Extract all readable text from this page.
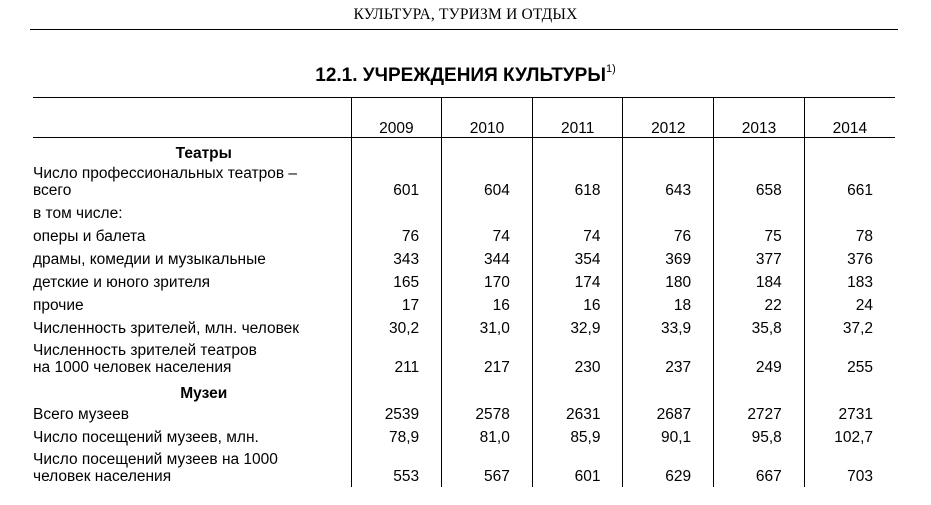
КУЛЬТУРА, ТУРИЗМ И ОТДЫХ
12.1. УЧРЕЖДЕНИЯ КУЛЬТУРЫ$^{1)}$
	2009	2010	2011	2012	2013	2014
Театры						
Число профессиональных театров –
всего	601	604	618	643	658	661
в том числе:						
оперы и балета	76	74	74	76	75	78
драмы, комедии и музыкальные	343	344	354	369	377	376
детские и юного зрителя	165	170	174	180	184	183
прочие	17	16	16	18	22	24
Численность зрителей, млн. человек	30,2	31,0	32,9	33,9	35,8	37,2
Численность зрителей театров
на 1000 человек населения	211	217	230	237	249	255
Музеи						
Всего музеев	2539	2578	2631	2687	2727	2731
Число посещений музеев, млн.	78,9	81,0	85,9	90,1	95,8	102,7
Число посещений музеев на 1000
человек населения	553	567	601	629	667	703
